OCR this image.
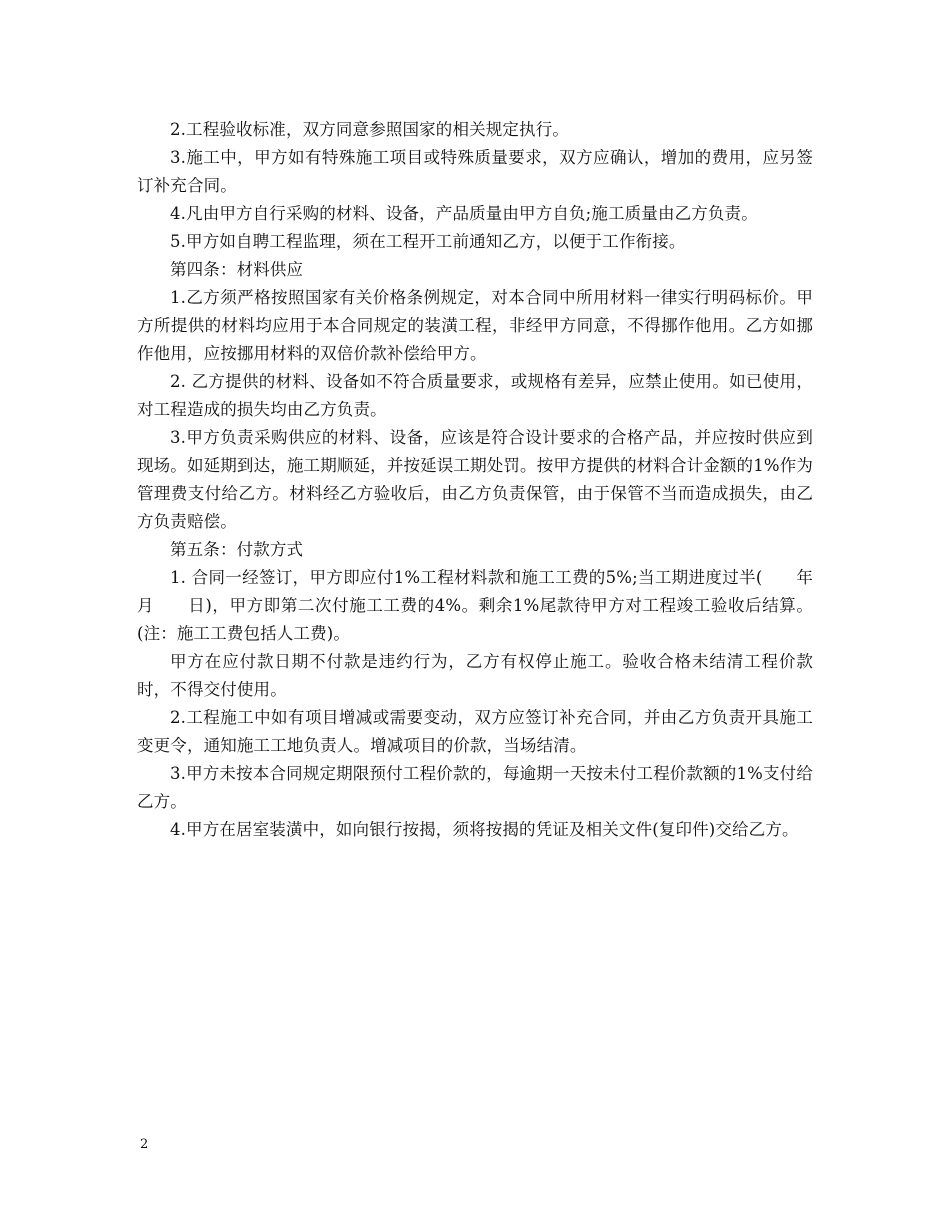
2.工程验收标准，双方同意参照国家的相关规定执行。

3.施工中，甲方如有特殊施工项目或特殊质量要求，双方应确认，增加的费用，应另签订补充合同。

4.凡由甲方自行采购的材料、设备，产品质量由甲方自负;施工质量由乙方负责。

5.甲方如自聘工程监理，须在工程开工前通知乙方，以便于工作衔接。

第四条：材料供应

1.乙方须严格按照国家有关价格条例规定，对本合同中所用材料一律实行明码标价。甲方所提供的材料均应用于本合同规定的装潢工程，非经甲方同意，不得挪作他用。乙方如挪作他用，应按挪用材料的双倍价款补偿给甲方。

2. 乙方提供的材料、设备如不符合质量要求，或规格有差异，应禁止使用。如已使用，对工程造成的损失均由乙方负责。

3.甲方负责采购供应的材料、设备，应该是符合设计要求的合格产品，并应按时供应到现场。如延期到达，施工期顺延，并按延误工期处罚。按甲方提供的材料合计金额的1%作为管理费支付给乙方。材料经乙方验收后，由乙方负责保管，由于保管不当而造成损失，由乙方负责赔偿。

第五条：付款方式

1. 合同一经签订，甲方即应付1%工程材料款和施工工费的5%;当工期进度过半(　　年　　月　　日)，甲方即第二次付施工工费的4%。剩余1%尾款待甲方对工程竣工验收后结算。(注：施工工费包括人工费)。

甲方在应付款日期不付款是违约行为，乙方有权停止施工。验收合格未结清工程价款时，不得交付使用。

2.工程施工中如有项目增减或需要变动，双方应签订补充合同，并由乙方负责开具施工变更令，通知施工工地负责人。增减项目的价款，当场结清。

3.甲方未按本合同规定期限预付工程价款的，每逾期一天按未付工程价款额的1%支付给乙方。

4.甲方在居室装潢中，如向银行按揭，须将按揭的凭证及相关文件(复印件)交给乙方。

2
